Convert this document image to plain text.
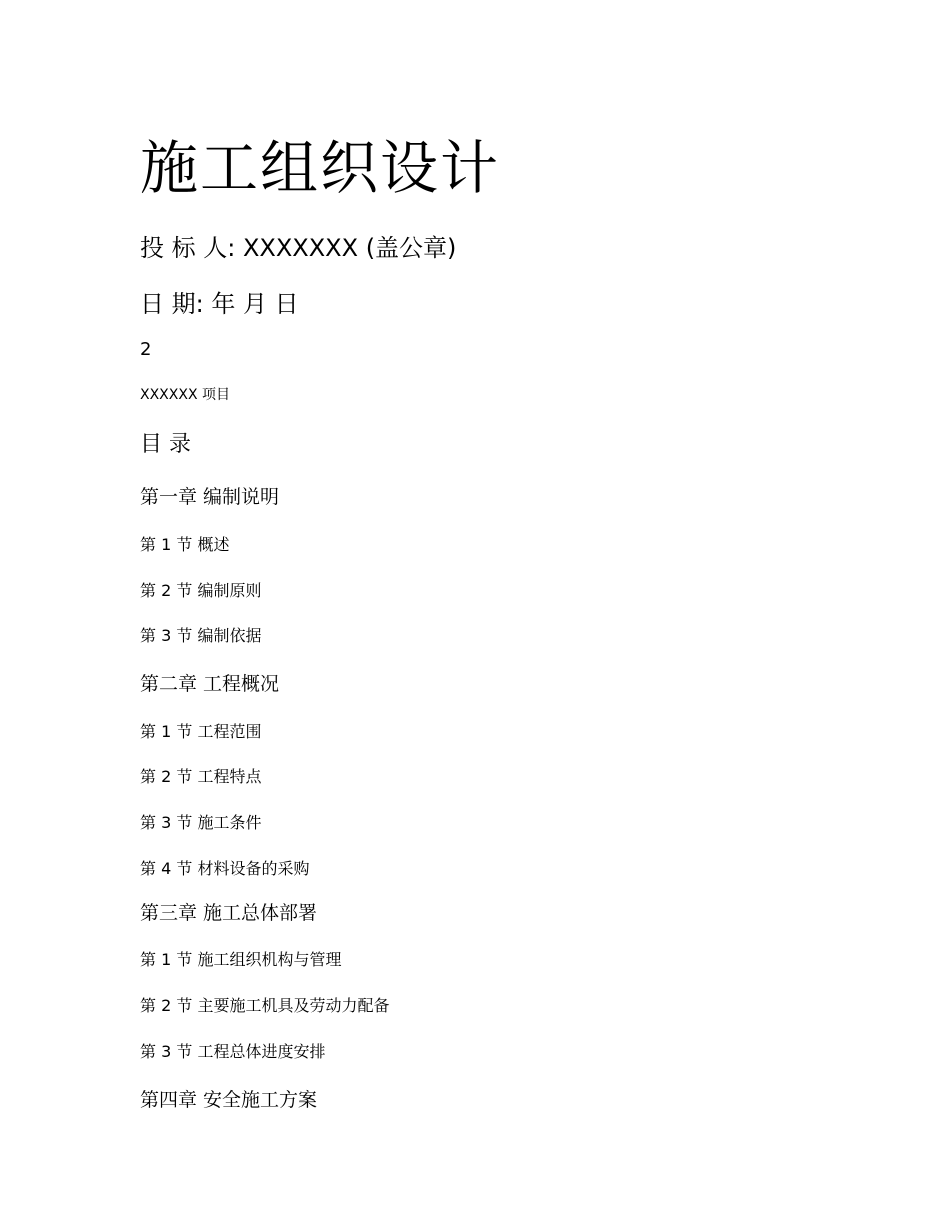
施工组织设计
投 标 人: XXXXXXX (盖公章)
日 期: 年 月 日
2
XXXXXX 项目
目 录
第一章 编制说明
第 1 节 概述
第 2 节 编制原则
第 3 节 编制依据
第二章 工程概况
第 1 节 工程范围
第 2 节 工程特点
第 3 节 施工条件
第 4 节 材料设备的采购
第三章 施工总体部署
第 1 节 施工组织机构与管理
第 2 节 主要施工机具及劳动力配备
第 3 节 工程总体进度安排
第四章 安全施工方案
